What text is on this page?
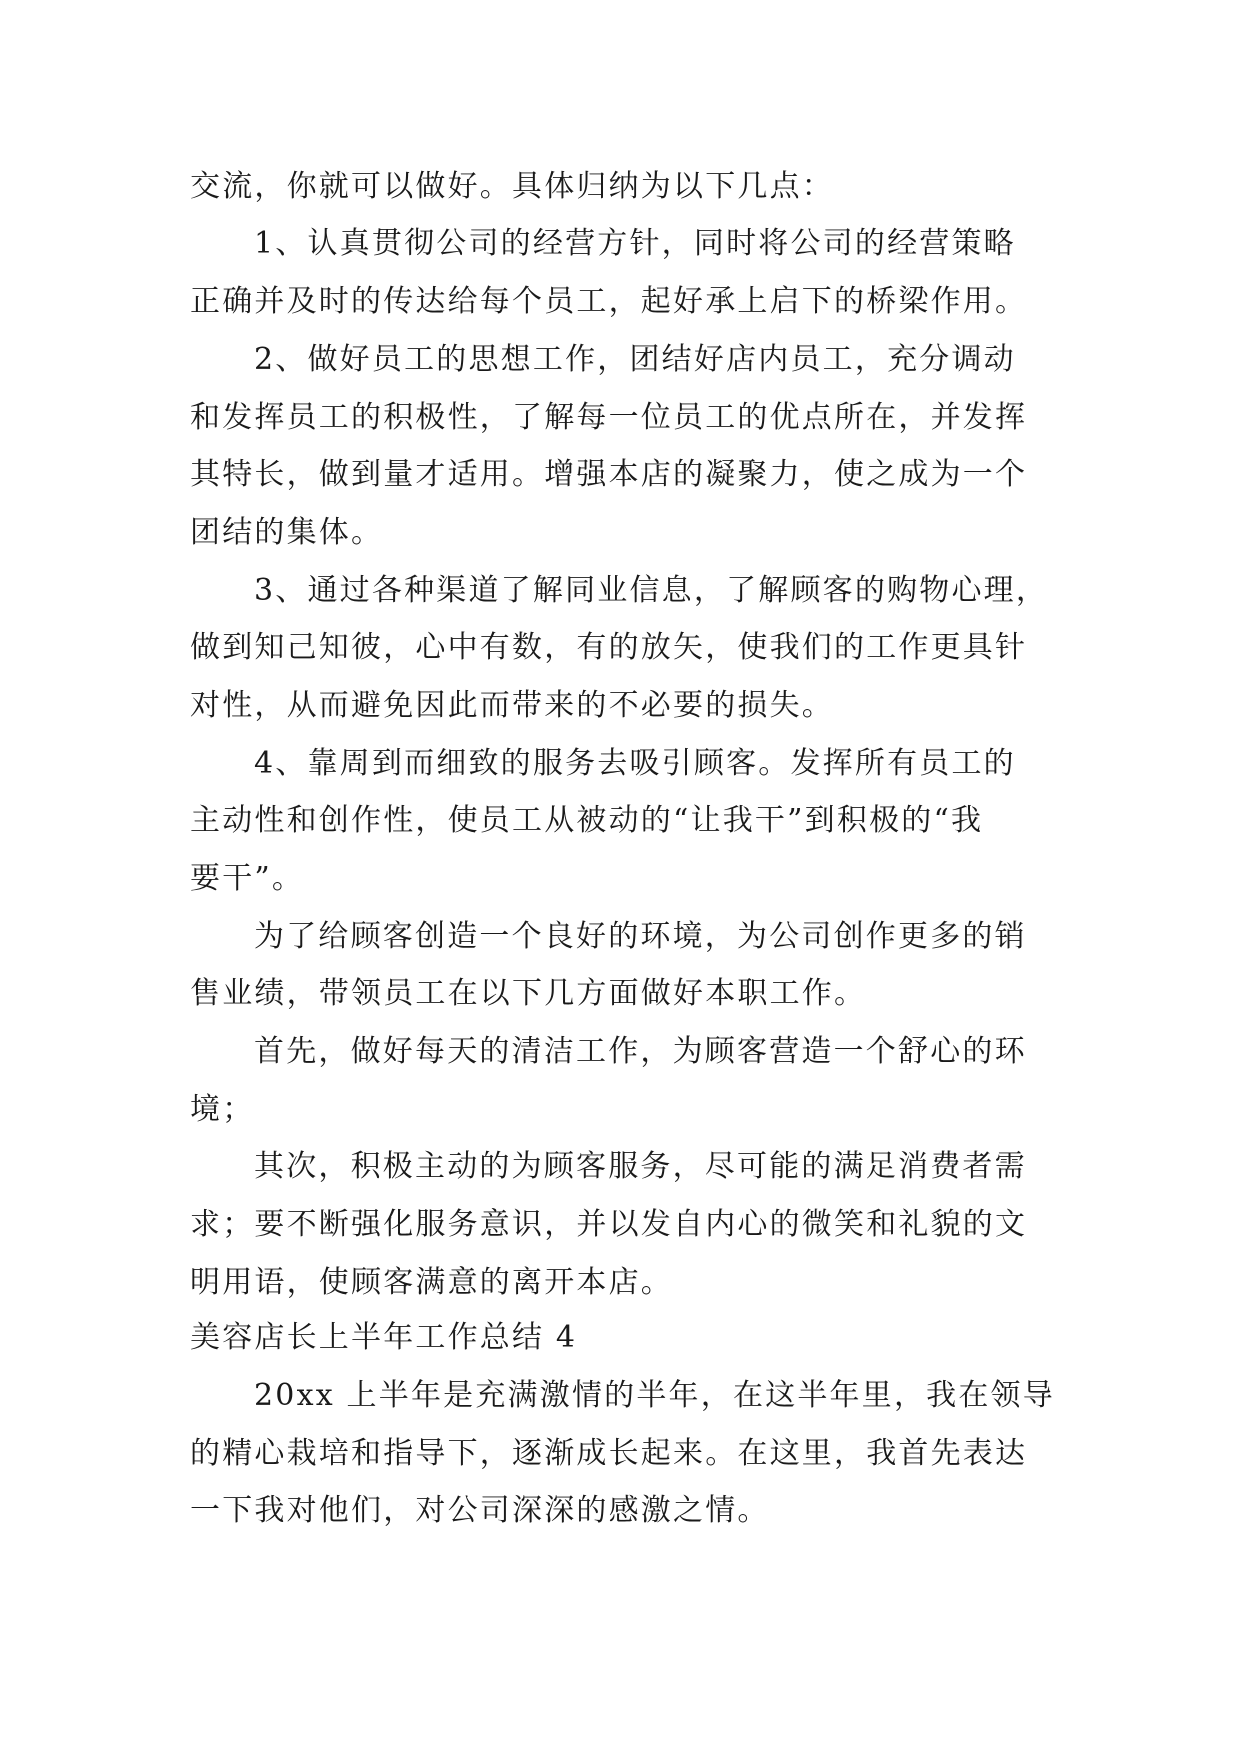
交流，你就可以做好。具体归纳为以下几点：

1、认真贯彻公司的经营方针，同时将公司的经营策略

正确并及时的传达给每个员工，起好承上启下的桥梁作用。

2、做好员工的思想工作，团结好店内员工，充分调动

和发挥员工的积极性，了解每一位员工的优点所在，并发挥

其特长，做到量才适用。增强本店的凝聚力，使之成为一个

团结的集体。

3、通过各种渠道了解同业信息，了解顾客的购物心理，

做到知己知彼，心中有数，有的放矢，使我们的工作更具针

对性，从而避免因此而带来的不必要的损失。

4、靠周到而细致的服务去吸引顾客。发挥所有员工的

主动性和创作性，使员工从被动的“让我干”到积极的“我

要干”。

为了给顾客创造一个良好的环境，为公司创作更多的销

售业绩，带领员工在以下几方面做好本职工作。

首先，做好每天的清洁工作，为顾客营造一个舒心的环

境；

其次，积极主动的为顾客服务，尽可能的满足消费者需

求；要不断强化服务意识，并以发自内心的微笑和礼貌的文

明用语，使顾客满意的离开本店。

美容店长上半年工作总结 4

20xx 上半年是充满激情的半年，在这半年里，我在领导

的精心栽培和指导下，逐渐成长起来。在这里，我首先表达

一下我对他们，对公司深深的感激之情。
